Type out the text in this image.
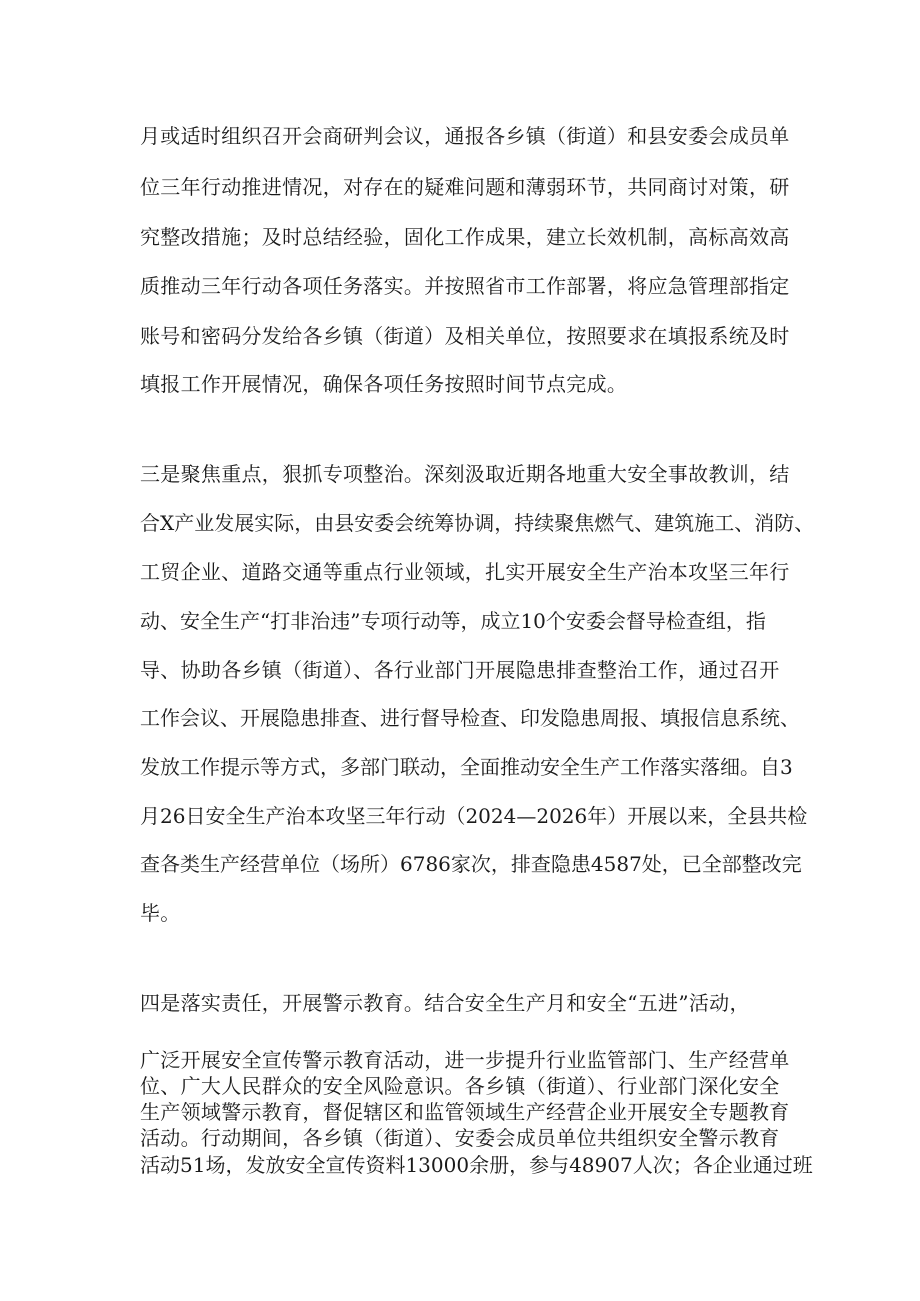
月或适时组织召开会商研判会议，通报各乡镇（街道）和县安委会成员单

位三年行动推进情况，对存在的疑难问题和薄弱环节，共同商讨对策，研

究整改措施；及时总结经验，固化工作成果，建立长效机制，高标高效高

质推动三年行动各项任务落实。并按照省市工作部署，将应急管理部指定

账号和密码分发给各乡镇（街道）及相关单位，按照要求在填报系统及时

填报工作开展情况，确保各项任务按照时间节点完成。

三是聚焦重点，狠抓专项整治。深刻汲取近期各地重大安全事故教训，结

合X产业发展实际，由县安委会统筹协调，持续聚焦燃气、建筑施工、消防、

工贸企业、道路交通等重点行业领域，扎实开展安全生产治本攻坚三年行

动、安全生产“打非治违”专项行动等，成立10个安委会督导检查组，指

导、协助各乡镇（街道）、各行业部门开展隐患排查整治工作，通过召开

工作会议、开展隐患排查、进行督导检查、印发隐患周报、填报信息系统、

发放工作提示等方式，多部门联动，全面推动安全生产工作落实落细。自3

月26日安全生产治本攻坚三年行动（2024—2026年）开展以来，全县共检

查各类生产经营单位（场所）6786家次，排查隐患4587处，已全部整改完

毕。

四是落实责任，开展警示教育。结合安全生产月和安全“五进”活动，

广泛开展安全宣传警示教育活动，进一步提升行业监管部门、生产经营单

位、广大人民群众的安全风险意识。各乡镇（街道）、行业部门深化安全

生产领域警示教育，督促辖区和监管领域生产经营企业开展安全专题教育

活动。行动期间，各乡镇（街道）、安委会成员单位共组织安全警示教育

活动51场，发放安全宣传资料13000余册，参与48907人次；各企业通过班
